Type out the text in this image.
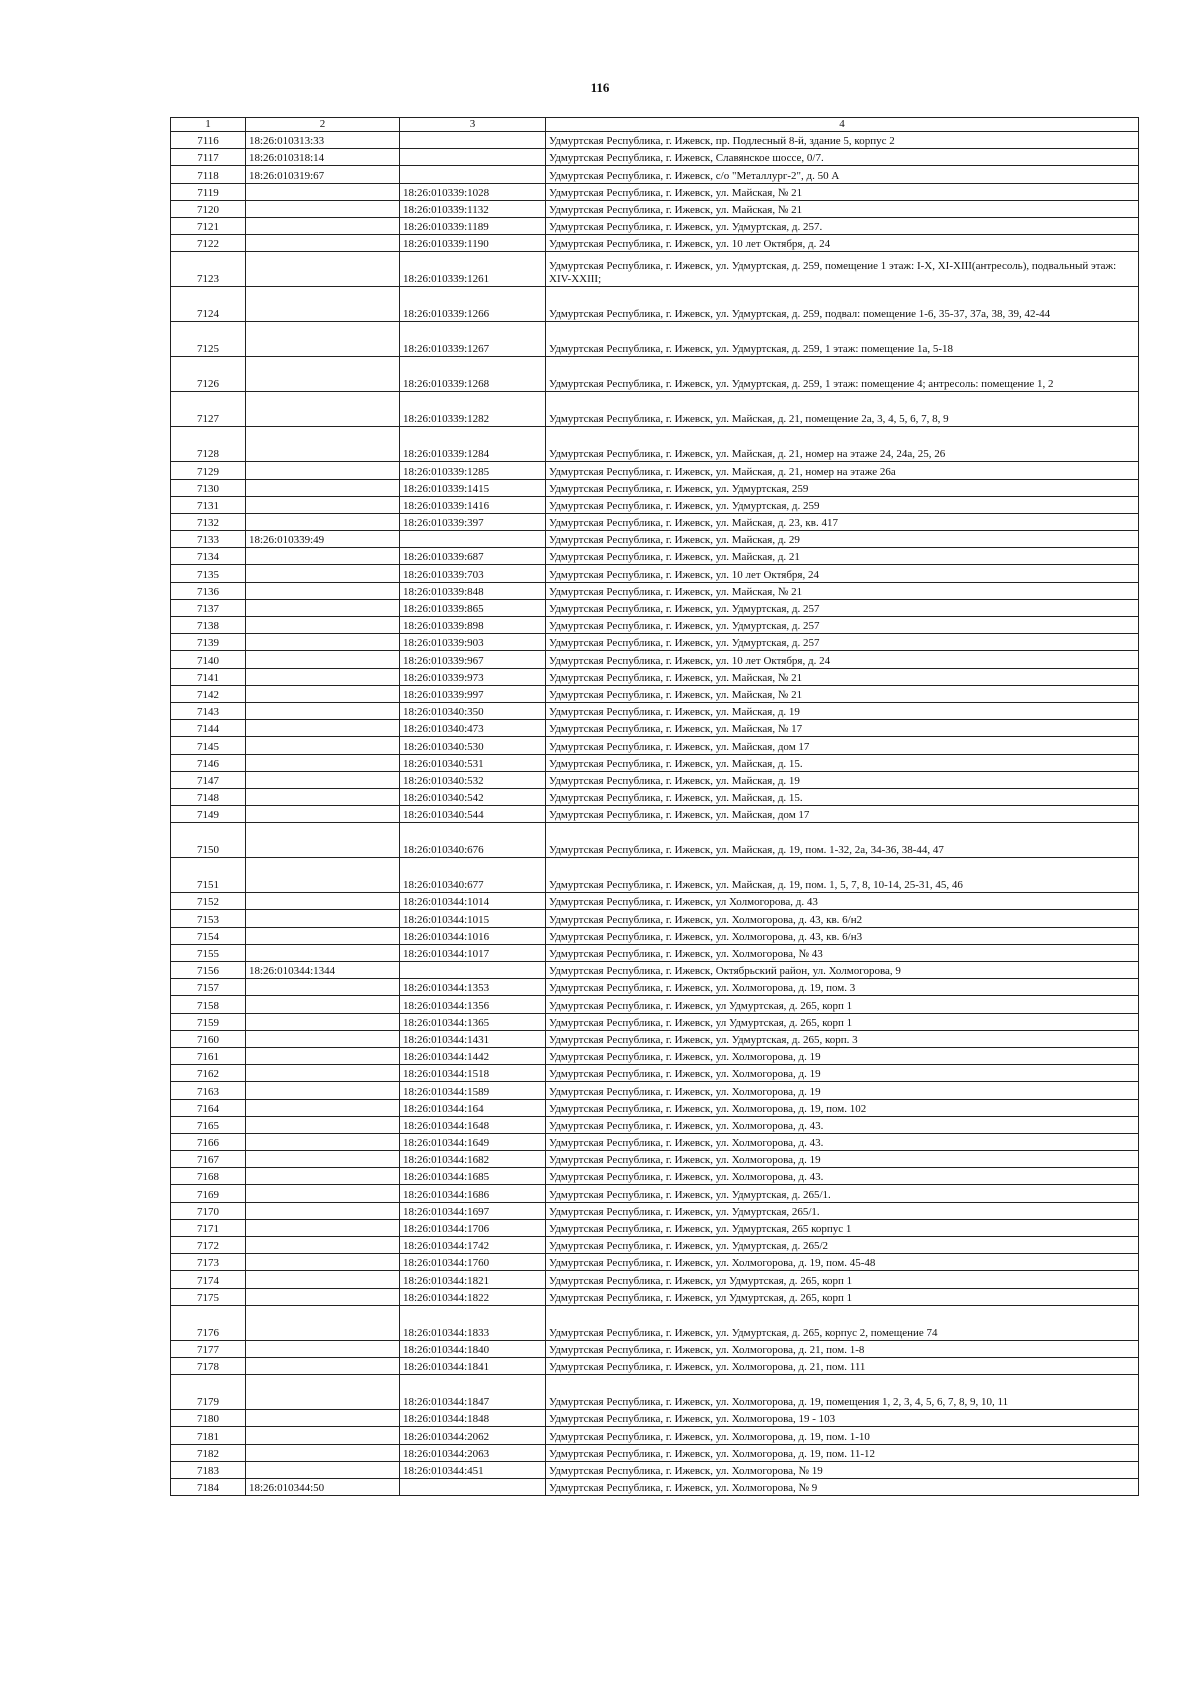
116
1	2	3	4
7116	18:26:010313:33		Удмуртская Республика, г. Ижевск, пр. Подлесный 8-й, здание 5, корпус 2
7117	18:26:010318:14		Удмуртская Республика, г. Ижевск, Славянское шоссе, 0/7.
7118	18:26:010319:67		Удмуртская Республика, г. Ижевск, с/о "Металлург-2", д. 50 А
7119		18:26:010339:1028	Удмуртская Республика, г. Ижевск, ул. Майская, № 21
7120		18:26:010339:1132	Удмуртская Республика, г. Ижевск, ул. Майская, № 21
7121		18:26:010339:1189	Удмуртская Республика, г. Ижевск, ул. Удмуртская, д. 257.
7122		18:26:010339:1190	Удмуртская Республика, г. Ижевск, ул. 10 лет Октября, д. 24
7123		18:26:010339:1261	Удмуртская Республика, г. Ижевск, ул. Удмуртская, д. 259, помещение 1 этаж: I-X, XI-XIII(антресоль), подвальный этаж: XIV-XXIII;
7124		18:26:010339:1266	Удмуртская Республика, г. Ижевск, ул. Удмуртская, д. 259, подвал: помещение 1-6, 35-37, 37а, 38, 39, 42-44
7125		18:26:010339:1267	Удмуртская Республика, г. Ижевск, ул. Удмуртская, д. 259, 1 этаж: помещение 1а, 5-18
7126		18:26:010339:1268	Удмуртская Республика, г. Ижевск, ул. Удмуртская, д. 259, 1 этаж: помещение 4; антресоль: помещение 1, 2
7127		18:26:010339:1282	Удмуртская Республика, г. Ижевск, ул. Майская, д. 21, помещение 2а, 3, 4, 5, 6, 7, 8, 9
7128		18:26:010339:1284	Удмуртская Республика, г. Ижевск, ул. Майская, д. 21, номер на этаже 24, 24а, 25, 26
7129		18:26:010339:1285	Удмуртская Республика, г. Ижевск, ул. Майская, д. 21, номер на этаже 26а
7130		18:26:010339:1415	Удмуртская Республика, г. Ижевск, ул. Удмуртская, 259
7131		18:26:010339:1416	Удмуртская Республика, г. Ижевск, ул. Удмуртская, д. 259
7132		18:26:010339:397	Удмуртская Республика, г. Ижевск, ул. Майская, д. 23, кв. 417
7133	18:26:010339:49		Удмуртская Республика, г. Ижевск, ул. Майская, д. 29
7134		18:26:010339:687	Удмуртская Республика, г. Ижевск, ул. Майская, д. 21
7135		18:26:010339:703	Удмуртская Республика, г. Ижевск, ул. 10 лет Октября, 24
7136		18:26:010339:848	Удмуртская Республика, г. Ижевск, ул. Майская, № 21
7137		18:26:010339:865	Удмуртская Республика, г. Ижевск, ул. Удмуртская, д. 257
7138		18:26:010339:898	Удмуртская Республика, г. Ижевск, ул. Удмуртская, д. 257
7139		18:26:010339:903	Удмуртская Республика, г. Ижевск, ул. Удмуртская, д. 257
7140		18:26:010339:967	Удмуртская Республика, г. Ижевск, ул. 10 лет Октября, д. 24
7141		18:26:010339:973	Удмуртская Республика, г. Ижевск, ул. Майская, № 21
7142		18:26:010339:997	Удмуртская Республика, г. Ижевск, ул. Майская, № 21
7143		18:26:010340:350	Удмуртская Республика, г. Ижевск, ул. Майская, д. 19
7144		18:26:010340:473	Удмуртская Республика, г. Ижевск, ул. Майская, № 17
7145		18:26:010340:530	Удмуртская Республика, г. Ижевск, ул. Майская, дом 17
7146		18:26:010340:531	Удмуртская Республика, г. Ижевск, ул. Майская, д. 15.
7147		18:26:010340:532	Удмуртская Республика, г. Ижевск, ул. Майская, д. 19
7148		18:26:010340:542	Удмуртская Республика, г. Ижевск, ул. Майская, д. 15.
7149		18:26:010340:544	Удмуртская Республика, г. Ижевск, ул. Майская, дом 17
7150		18:26:010340:676	Удмуртская Республика, г. Ижевск, ул. Майская, д. 19, пом. 1-32, 2а, 34-36, 38-44, 47
7151		18:26:010340:677	Удмуртская Республика, г. Ижевск, ул. Майская, д. 19, пом. 1, 5, 7, 8, 10-14, 25-31, 45, 46
7152		18:26:010344:1014	Удмуртская Республика, г. Ижевск, ул Холмогорова, д. 43
7153		18:26:010344:1015	Удмуртская Республика, г. Ижевск, ул. Холмогорова, д. 43, кв. 6/н2
7154		18:26:010344:1016	Удмуртская Республика, г. Ижевск, ул. Холмогорова, д. 43, кв. 6/н3
7155		18:26:010344:1017	Удмуртская Республика, г. Ижевск, ул. Холмогорова, № 43
7156	18:26:010344:1344		Удмуртская Республика, г. Ижевск, Октябрьский район, ул. Холмогорова, 9
7157		18:26:010344:1353	Удмуртская Республика, г. Ижевск, ул. Холмогорова, д. 19, пом. 3
7158		18:26:010344:1356	Удмуртская Республика, г. Ижевск, ул Удмуртская, д. 265, корп 1
7159		18:26:010344:1365	Удмуртская Республика, г. Ижевск, ул Удмуртская, д. 265, корп 1
7160		18:26:010344:1431	Удмуртская Республика, г. Ижевск, ул. Удмуртская, д. 265, корп. 3
7161		18:26:010344:1442	Удмуртская Республика, г. Ижевск, ул. Холмогорова, д. 19
7162		18:26:010344:1518	Удмуртская Республика, г. Ижевск, ул. Холмогорова, д. 19
7163		18:26:010344:1589	Удмуртская Республика, г. Ижевск, ул. Холмогорова, д. 19
7164		18:26:010344:164	Удмуртская Республика, г. Ижевск, ул. Холмогорова, д. 19, пом. 102
7165		18:26:010344:1648	Удмуртская Республика, г. Ижевск, ул. Холмогорова, д. 43.
7166		18:26:010344:1649	Удмуртская Республика, г. Ижевск, ул. Холмогорова, д. 43.
7167		18:26:010344:1682	Удмуртская Республика, г. Ижевск, ул. Холмогорова, д. 19
7168		18:26:010344:1685	Удмуртская Республика, г. Ижевск, ул. Холмогорова, д. 43.
7169		18:26:010344:1686	Удмуртская Республика, г. Ижевск, ул. Удмуртская, д. 265/1.
7170		18:26:010344:1697	Удмуртская Республика, г. Ижевск, ул. Удмуртская, 265/1.
7171		18:26:010344:1706	Удмуртская Республика, г. Ижевск, ул. Удмуртская, 265 корпус 1
7172		18:26:010344:1742	Удмуртская Республика, г. Ижевск, ул. Удмуртская, д. 265/2
7173		18:26:010344:1760	Удмуртская Республика, г. Ижевск, ул. Холмогорова, д. 19, пом. 45-48
7174		18:26:010344:1821	Удмуртская Республика, г. Ижевск, ул Удмуртская, д. 265, корп 1
7175		18:26:010344:1822	Удмуртская Республика, г. Ижевск, ул Удмуртская, д. 265, корп 1
7176		18:26:010344:1833	Удмуртская Республика, г. Ижевск, ул. Удмуртская, д. 265, корпус 2, помещение 74
7177		18:26:010344:1840	Удмуртская Республика, г. Ижевск, ул. Холмогорова, д. 21, пом. 1-8
7178		18:26:010344:1841	Удмуртская Республика, г. Ижевск, ул. Холмогорова, д. 21, пом. 111
7179		18:26:010344:1847	Удмуртская Республика, г. Ижевск, ул. Холмогорова, д. 19, помещения 1, 2, 3, 4, 5, 6, 7, 8, 9, 10, 11
7180		18:26:010344:1848	Удмуртская Республика, г. Ижевск, ул. Холмогорова, 19 - 103
7181		18:26:010344:2062	Удмуртская Республика, г. Ижевск, ул. Холмогорова, д. 19, пом. 1-10
7182		18:26:010344:2063	Удмуртская Республика, г. Ижевск, ул. Холмогорова, д. 19, пом. 11-12
7183		18:26:010344:451	Удмуртская Республика, г. Ижевск, ул. Холмогорова, № 19
7184	18:26:010344:50		Удмуртская Республика, г. Ижевск, ул. Холмогорова, № 9
